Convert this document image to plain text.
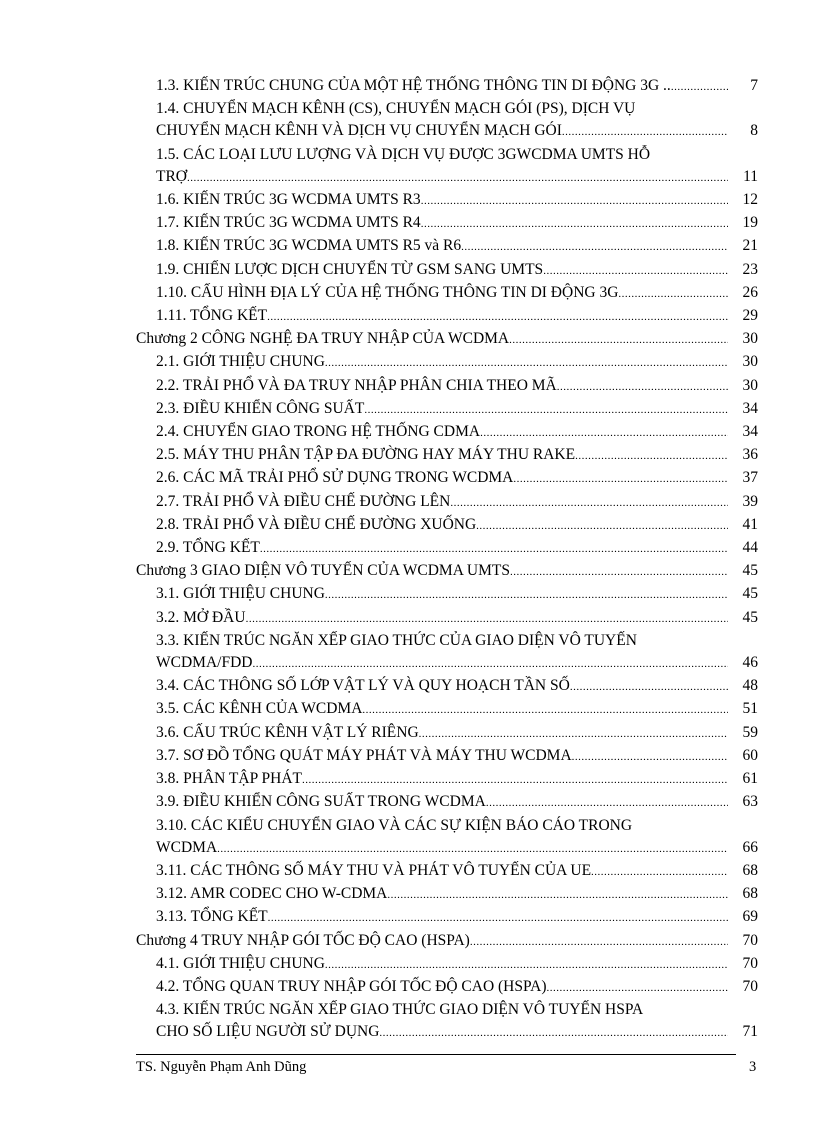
1.3. KIẾN TRÚC CHUNG CỦA MỘT HỆ THỐNG THÔNG TIN DI ĐỘNG 3G .. .....	7
1.4. CHUYỂN MẠCH KÊNH (CS), CHUYỂN MẠCH GÓI (PS), DỊCH VỤ
CHUYỂN MẠCH KÊNH VÀ DỊCH VỤ CHUYỂN MẠCH GÓI .....	8
1.5. CÁC LOẠI LƯU LƯỢNG VÀ DỊCH VỤ ĐƯỢC 3GWCDMA UMTS HỖ
TRỢ .....	11
1.6. KIẾN TRÚC 3G WCDMA UMTS R3 .....	12
1.7. KIẾN TRÚC 3G WCDMA UMTS R4 .....	19
1.8. KIẾN TRÚC 3G WCDMA UMTS R5 và R6 .....	21
1.9. CHIẾN LƯỢC DỊCH CHUYỂN TỪ GSM SANG UMTS .....	23
1.10. CẤU HÌNH ĐỊA LÝ CỦA HỆ THỐNG THÔNG TIN DI ĐỘNG 3G .....	26
1.11. TỔNG KẾT .....	29
Chương 2 CÔNG NGHỆ ĐA TRUY NHẬP CỦA WCDMA .....	30
2.1. GIỚI THIỆU CHUNG .....	30
2.2. TRẢI PHỔ VÀ ĐA TRUY NHẬP PHÂN CHIA THEO MÃ .....	30
2.3. ĐIỀU KHIỂN CÔNG SUẤT .....	34
2.4. CHUYỂN GIAO TRONG HỆ THỐNG CDMA .....	34
2.5. MÁY THU PHÂN TẬP ĐA ĐƯỜNG HAY MÁY THU RAKE .....	36
2.6. CÁC MÃ TRẢI PHỔ SỬ DỤNG TRONG WCDMA .....	37
2.7. TRẢI PHỔ VÀ ĐIỀU CHẾ ĐƯỜNG LÊN .....	39
2.8. TRẢI PHỔ VÀ ĐIỀU CHẾ ĐƯỜNG XUỐNG .....	41
2.9. TỔNG KẾT .....	44
Chương 3 GIAO DIỆN VÔ TUYẾN CỦA WCDMA UMTS .....	45
3.1. GIỚI THIỆU CHUNG .....	45
3.2. MỞ ĐẦU .....	45
3.3. KIẾN TRÚC NGĂN XẾP GIAO THỨC CỦA GIAO DIỆN VÔ TUYẾN
WCDMA/FDD .....	46
3.4. CÁC THÔNG SỐ LỚP VẬT LÝ VÀ QUY HOẠCH TẦN SỐ .....	48
3.5. CÁC KÊNH CỦA WCDMA .....	51
3.6. CẤU TRÚC KÊNH VẬT LÝ RIÊNG .....	59
3.7. SƠ ĐỒ TỔNG QUÁT MÁY PHÁT VÀ MÁY THU WCDMA .....	60
3.8. PHÂN TẬP PHÁT .....	61
3.9. ĐIỀU KHIỂN CÔNG SUẤT TRONG WCDMA .....	63
3.10. CÁC KIỂU CHUYỂN GIAO VÀ CÁC SỰ KIỆN BÁO CÁO TRONG
WCDMA .....	66
3.11. CÁC THÔNG SỐ MÁY THU VÀ PHÁT VÔ TUYẾN CỦA UE .....	68
3.12. AMR CODEC CHO W-CDMA .....	68
3.13. TỔNG KẾT .....	69
Chương 4 TRUY NHẬP GÓI TỐC ĐỘ CAO (HSPA) .....	70
4.1. GIỚI THIỆU CHUNG .....	70
4.2. TỔNG QUAN TRUY NHẬP GÓI TỐC ĐỘ CAO (HSPA) .....	70
4.3. KIẾN TRÚC NGĂN XẾP GIAO THỨC GIAO DIỆN VÔ TUYẾN HSPA
CHO SỐ LIỆU NGƯỜI SỬ DỤNG .....	71
TS. Nguyễn Phạm Anh Dũng	3
